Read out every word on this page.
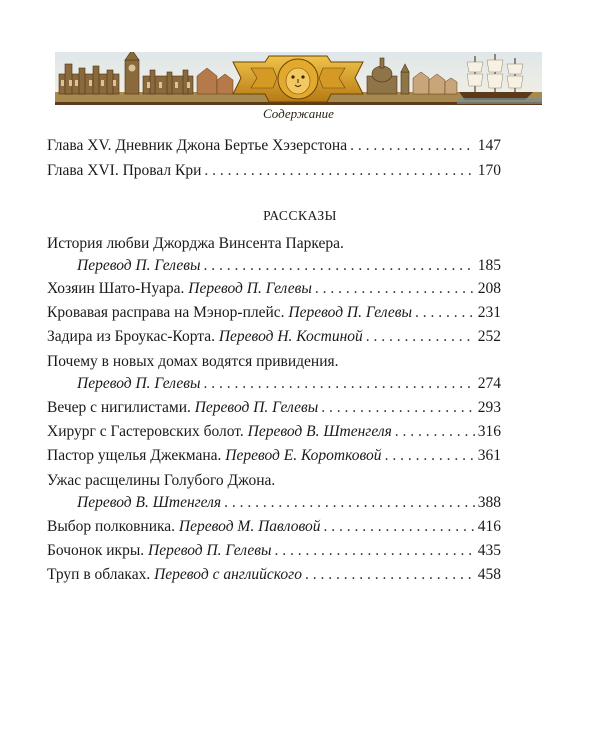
Содержание
Глава XV. Дневник Джона Бертье Хэзерстона . . .	147
Глава XVI. Провал Кри . . .	170
РАССКАЗЫ
История любви Джорджа Винсента Паркера.
Перевод П. Гелевы . . .	185
Хозяин Шато-Нуара. Перевод П. Гелевы . . .	208
Кровавая расправа на Мэнор-плейс. Перевод П. Гелевы . . .	231
Задира из Броукас-Корта. Перевод Н. Костиной . . .	252
Почему в новых домах водятся привидения.
Перевод П. Гелевы . . .	274
Вечер с нигилистами. Перевод П. Гелевы . . .	293
Хирург с Гастеровских болот. Перевод В. Штенгеля . . .	316
Пастор ущелья Джекмана. Перевод Е. Коротковой . . .	361
Ужас расщелины Голубого Джона.
Перевод В. Штенгеля . . .	388
Выбор полковника. Перевод М. Павловой . . .	416
Бочонок икры. Перевод П. Гелевы . . .	435
Труп в облаках. Перевод с английского . . .	458
